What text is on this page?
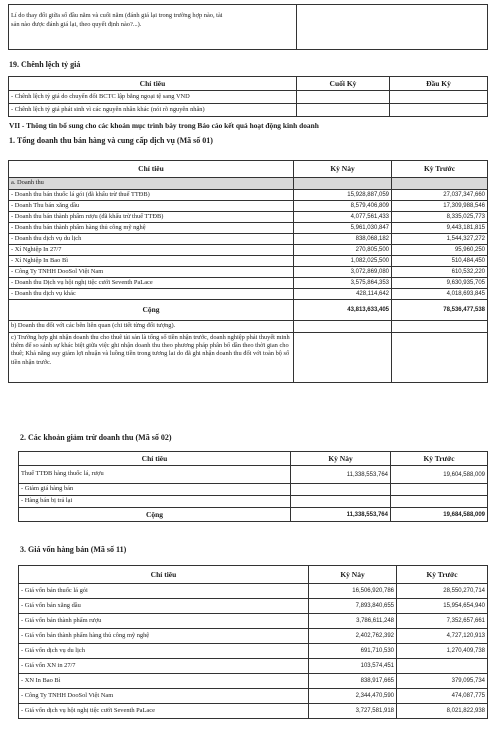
Lí do thay đổi giữa số đầu năm và cuối năm (đánh giá lại trong trường hợp nào, tài
sản nào được đánh giá lại, theo quyết định nào?...).

19. Chênh lệch tỷ giá
Chỉ tiêu	Cuối Kỳ	Đầu Kỳ
- Chênh lệch tỷ giá do chuyển đổi BCTC lập bằng ngoại tệ sang VND		
- Chênh lệch tỷ giá phát sinh vì các nguyên nhân khác (nói rõ nguyên nhân)		
VII - Thông tin bổ sung cho các khoản mục trình bày trong Báo cáo kết quả hoạt động kinh doanh
1. Tổng doanh thu bán hàng và cung cấp dịch vụ (Mã số 01)
Chỉ tiêu	Kỳ Này	Kỳ Trước
a. Doanh thu		
- Doanh thu bán thuốc lá gói (đã khấu trừ thuế TTĐB)	15,928,887,059	27,037,347,660
- Doanh Thu bán xăng dầu	8,579,406,809	17,309,988,546
- Doanh thu bán thành phẩm rượu (đã khấu trừ thuế TTĐB)	4,077,561,433	8,335,025,773
- Doanh thu bán thành phẩm hàng thủ công mỹ nghệ	5,961,030,847	9,443,181,815
- Doanh thu dịch vụ du lịch	838,068,182	1,544,327,272
- Xí Nghiệp In 27/7	270,805,500	95,960,250
- Xí Nghiệp In Bao Bì	1,082,025,500	510,484,450
- Công Ty TNHH DooSol Việt Nam	3,072,869,080	610,532,220
- Doanh thu Dịch vụ hội nghị tiệc cưới Seventh PaLace	3,575,864,353	9,630,935,705
- Doanh thu dịch vụ khác	428,114,642	4,018,693,845
Cộng	43,813,633,405	78,536,477,538
b) Doanh thu đối với các bên liên quan (chi tiết từng đối tượng).		
c) Trường hợp ghi nhận doanh thu cho thuê tài sản là tổng số tiền nhận trước, doanh nghiệp phải thuyết minh thêm để so sánh sự khác biệt giữa việc ghi nhận doanh thu theo phương pháp phân bổ dần theo thời gian cho thuê; Khả năng suy giảm lợi nhuận và luồng tiền trong tương lai do đã ghi nhận doanh thu đối với toàn bộ số tiền nhận trước.		
2. Các khoản giảm trừ doanh thu (Mã số 02)
Chỉ tiêu	Kỳ Này	Kỳ Trước
Thuế TTĐB hàng thuốc lá, rượu	11,338,553,764	19,604,588,009
- Giảm giá hàng bán		
- Hàng bán bị trả lại		
Cộng	11,338,553,764	19,684,588,009
3. Giá vốn hàng bán (Mã số 11)
Chỉ tiêu	Kỳ Này	Kỳ Trước
- Giá vốn bán thuốc lá gói	16,506,920,786	28,550,270,714
- Giá vốn bán xăng dầu	7,893,840,655	15,954,654,940
- Giá vốn bán thành phẩm rượu	3,786,611,248	7,352,657,661
- Giá vốn bán thành phẩm hàng thủ công mỹ nghệ	2,402,762,392	4,727,120,913
- Giá vốn dịch vụ du lịch	691,710,530	1,270,409,738
- Giá vốn XN in 27/7	103,574,451	
- XN In Bao Bì	838,917,665	379,095,734
- Công Ty TNHH DooSol Việt Nam	2,344,470,590	474,087,775
- Giá vốn dịch vụ hội nghị tiệc cưới Seventh PaLace	3,727,581,918	8,021,822,938
